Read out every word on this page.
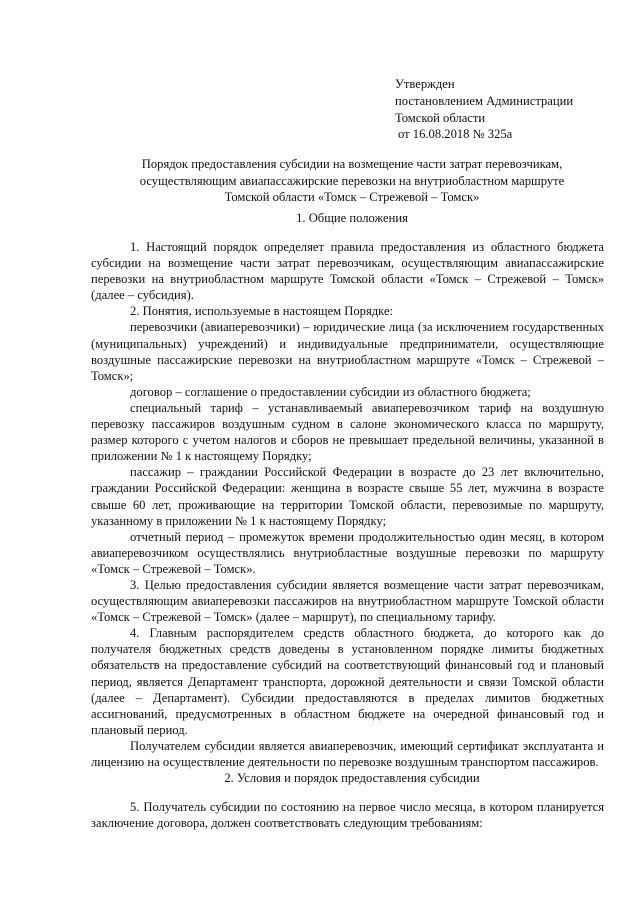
Утвержден
постановлением Администрации
Томской области
от 16.08.2018 № 325а
Порядок предоставления субсидии на возмещение части затрат перевозчикам,
осуществляющим авиапассажирские перевозки на внутриобластном маршруте
Томской области «Томск – Стрежевой – Томск»
1. Общие положения

1. Настоящий порядок определяет правила предоставления из областного бюджета субсидии на возмещение части затрат перевозчикам, осуществляющим авиапассажирские перевозки на внутриобластном маршруте Томской области «Томск – Стрежевой – Томск» (далее – субсидия).

2. Понятия, используемые в настоящем Порядке:

перевозчики (авиаперевозчики) – юридические лица (за исключением государственных (муниципальных) учреждений) и индивидуальные предприниматели, осуществляющие воздушные пассажирские перевозки на внутриобластном маршруте «Томск – Стрежевой – Томск»;

договор – соглашение о предоставлении субсидии из областного бюджета;

специальный тариф – устанавливаемый авиаперевозчиком тариф на воздушную перевозку пассажиров воздушным судном в салоне экономического класса по маршруту, размер которого с учетом налогов и сборов не превышает предельной величины, указанной в приложении № 1 к настоящему Порядку;

пассажир – граждании Российской Федерации в возрасте до 23 лет включительно, граждании Российской Федерации: женщина в возрасте свыше 55 лет, мужчина в возрасте свыше 60 лет, проживающие на территории Томской области, перевозимые по маршруту, указанному в приложении № 1 к настоящему Порядку;

отчетный период – промежуток времени продолжительностью один месяц, в котором авиаперевозчиком осуществлялись внутриобластные воздушные перевозки по маршруту «Томск – Стрежевой – Томск».

3. Целью предоставления субсидии является возмещение части затрат перевозчикам, осуществляющим авиаперевозки пассажиров на внутриобластном маршруте Томской области «Томск – Стрежевой – Томск» (далее – маршрут), по специальному тарифу.

4. Главным распорядителем средств областного бюджета, до которого как до получателя бюджетных средств доведены в установленном порядке лимиты бюджетных обязательств на предоставление субсидий на соответствующий финансовый год и плановый период, является Департамент транспорта, дорожной деятельности и связи Томской области (далее – Департамент). Субсидии предоставляются в пределах лимитов бюджетных ассигнований, предусмотренных в областном бюджете на очередной финансовый год и плановый период.

Получателем субсидии является авиаперевозчик, имеющий сертификат эксплуатанта и лицензию на осуществление деятельности по перевозке воздушным транспортом пассажиров.

2. Условия и порядок предоставления субсидии

5. Получатель субсидии по состоянию на первое число месяца, в котором планируется заключение договора, должен соответствовать следующим требованиям:
